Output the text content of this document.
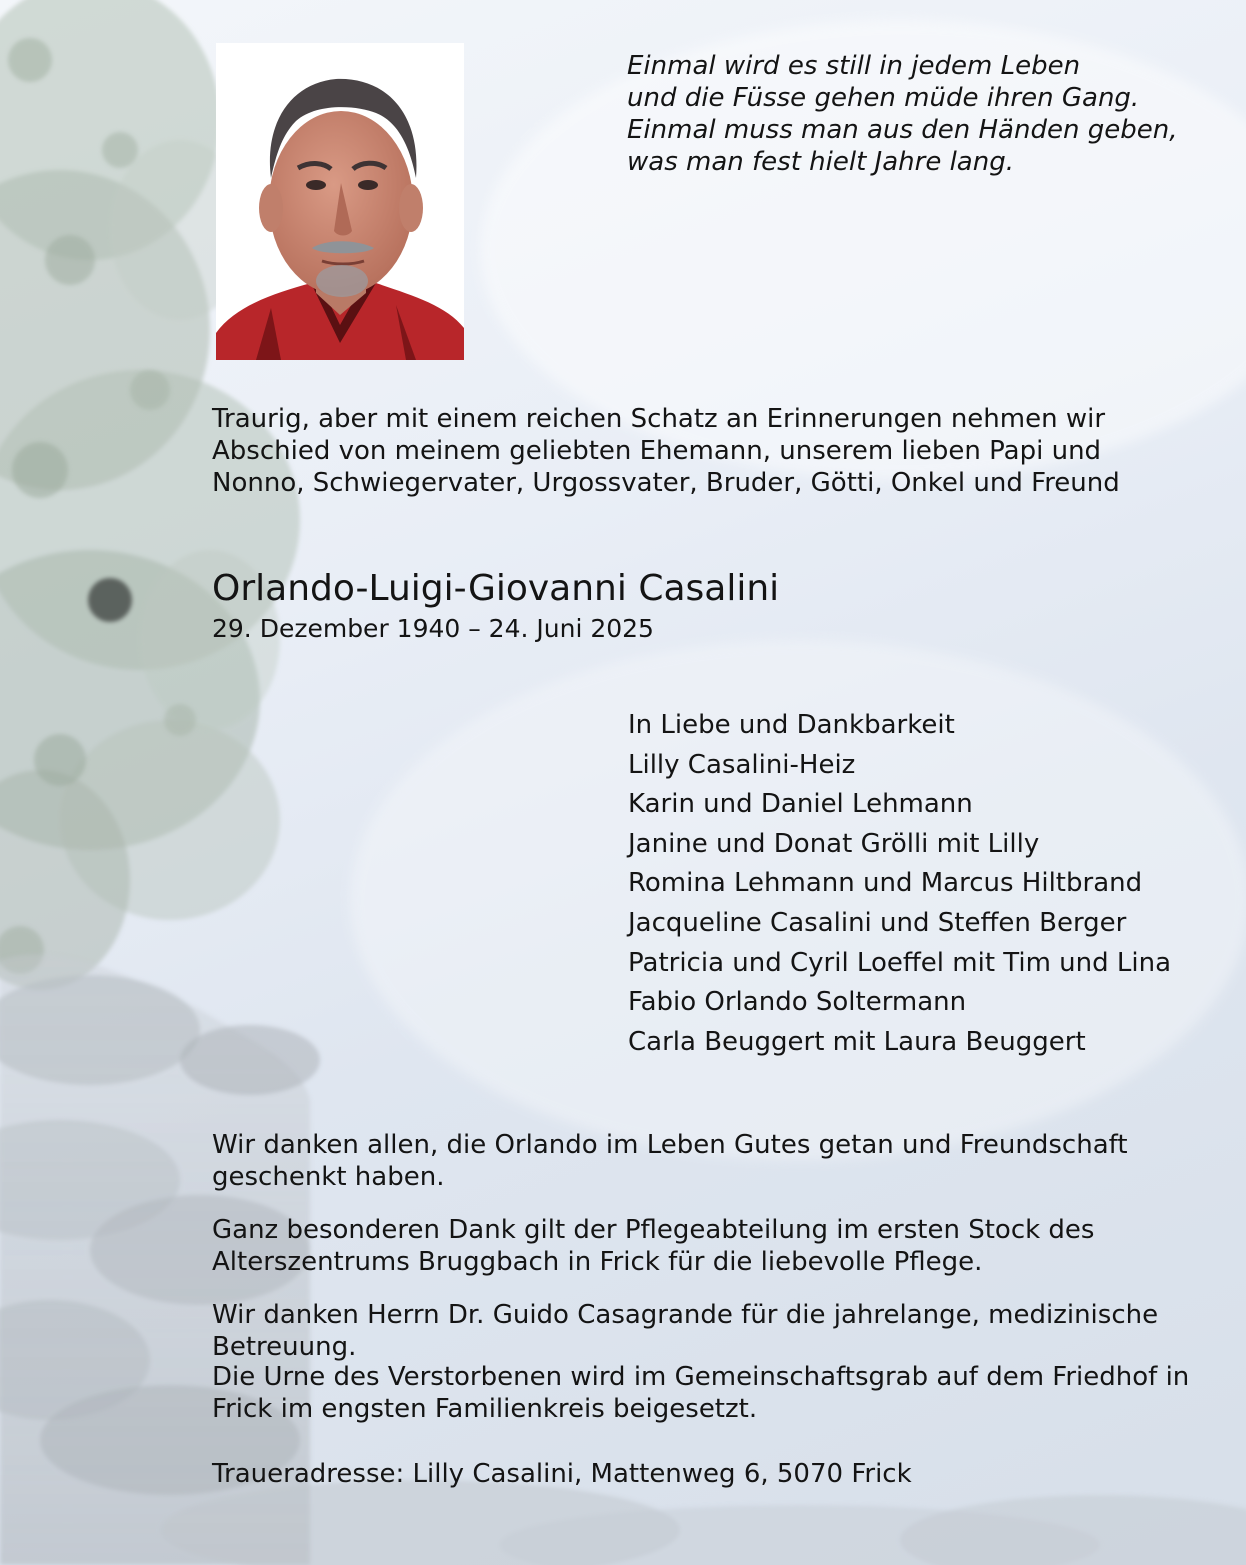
Einmal wird es still in jedem Leben
und die Füsse gehen müde ihren Gang.
Einmal muss man aus den Händen geben,
was man fest hielt Jahre lang.
Traurig, aber mit einem reichen Schatz an Erinnerungen nehmen wir
Abschied von meinem geliebten Ehemann, unserem lieben Papi und
Nonno, Schwiegervater, Urgossvater, Bruder, Götti, Onkel und Freund
Orlando-Luigi-Giovanni Casalini
29. Dezember 1940 – 24. Juni 2025
In Liebe und Dankbarkeit
Lilly Casalini-Heiz
Karin und Daniel Lehmann
Janine und Donat Grölli mit Lilly
Romina Lehmann und Marcus Hiltbrand
Jacqueline Casalini und Steffen Berger
Patricia und Cyril Loeffel mit Tim und Lina
Fabio Orlando Soltermann
Carla Beuggert mit Laura Beuggert

Wir danken allen, die Orlando im Leben Gutes getan und Freundschaft
geschenkt haben.

Ganz besonderen Dank gilt der Pflegeabteilung im ersten Stock des
Alterszentrums Bruggbach in Frick für die liebevolle Pflege.

Wir danken Herrn Dr. Guido Casagrande für die jahrelange, medizinische
Betreuung.

Die Urne des Verstorbenen wird im Gemeinschaftsgrab auf dem Friedhof in
Frick im engsten Familienkreis beigesetzt.
Traueradresse: Lilly Casalini, Mattenweg 6, 5070 Frick
